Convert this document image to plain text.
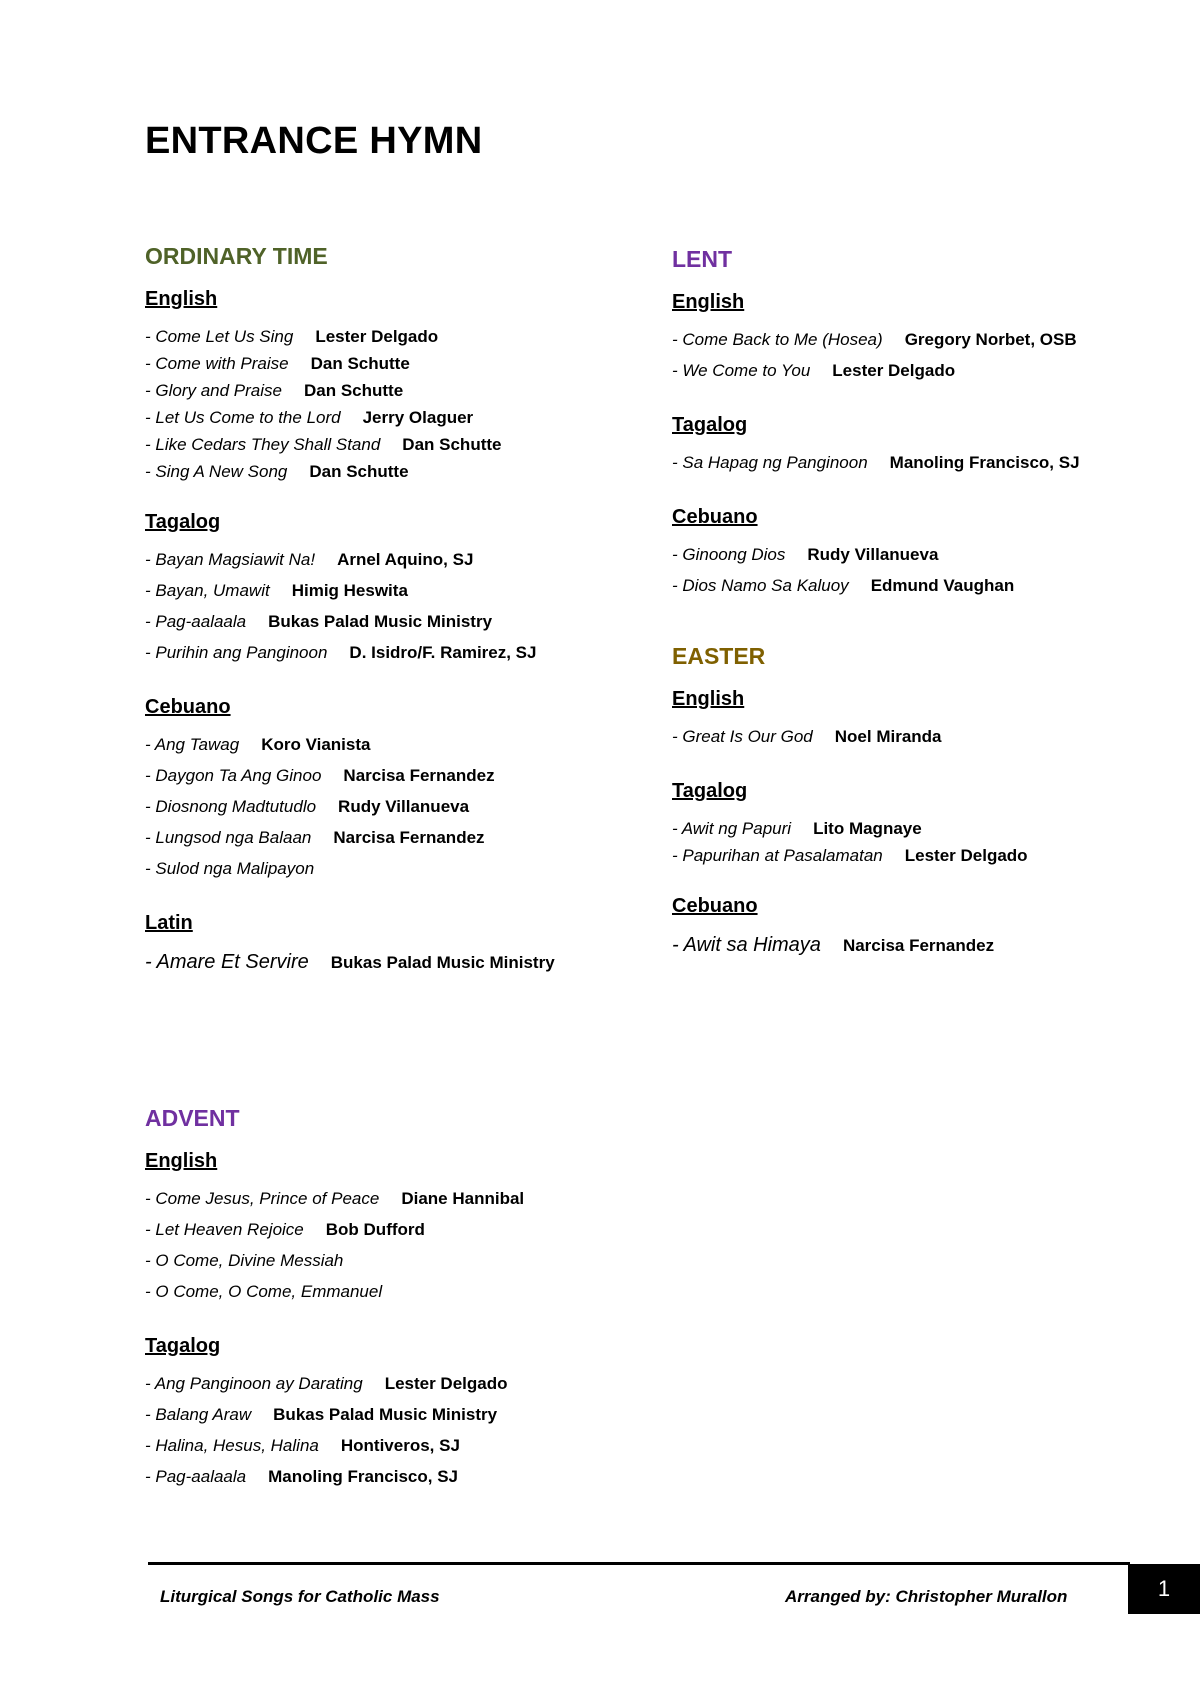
ENTRANCE HYMN
ORDINARY TIME
English
- Come Let Us Sing Lester Delgado
- Come with Praise Dan Schutte
- Glory and Praise Dan Schutte
- Let Us Come to the Lord Jerry Olaguer
- Like Cedars They Shall Stand Dan Schutte
- Sing A New Song Dan Schutte
Tagalog
- Bayan Magsiawit Na! Arnel Aquino, SJ
- Bayan, Umawit Himig Heswita
- Pag-aalaala Bukas Palad Music Ministry
- Purihin ang Panginoon D. Isidro/F. Ramirez, SJ
Cebuano
- Ang Tawag Koro Vianista
- Daygon Ta Ang Ginoo Narcisa Fernandez
- Diosnong Madtutudlo Rudy Villanueva
- Lungsod nga Balaan Narcisa Fernandez
- Sulod nga Malipayon
Latin
- Amare Et Servire Bukas Palad Music Ministry
ADVENT
English
- Come Jesus, Prince of Peace Diane Hannibal
- Let Heaven Rejoice Bob Dufford
- O Come, Divine Messiah
- O Come, O Come, Emmanuel
Tagalog
- Ang Panginoon ay Darating Lester Delgado
- Balang Araw Bukas Palad Music Ministry
- Halina, Hesus, Halina Hontiveros, SJ
- Pag-aalaala Manoling Francisco, SJ
LENT
English
- Come Back to Me (Hosea) Gregory Norbet, OSB
- We Come to You Lester Delgado
Tagalog
- Sa Hapag ng Panginoon Manoling Francisco, SJ
Cebuano
- Ginoong Dios Rudy Villanueva
- Dios Namo Sa Kaluoy Edmund Vaughan
EASTER
English
- Great Is Our God Noel Miranda
Tagalog
- Awit ng Papuri Lito Magnaye
- Papurihan at Pasalamatan Lester Delgado
Cebuano
- Awit sa Himaya Narcisa Fernandez
Liturgical Songs for Catholic Mass	Arranged by: Christopher Murallon	1
